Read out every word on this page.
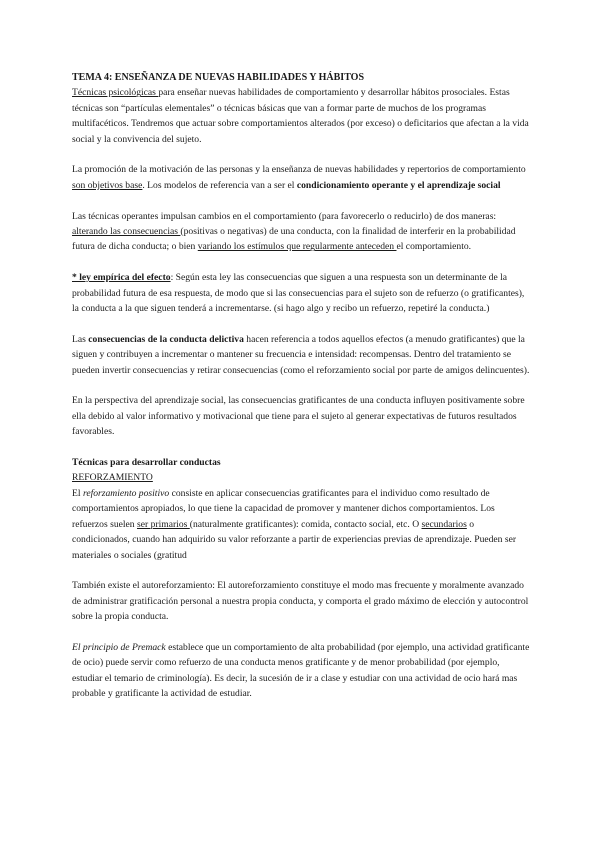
TEMA 4: ENSEÑANZA DE NUEVAS HABILIDADES Y HÁBITOS

Técnicas psicológicas para enseñar nuevas habilidades de comportamiento y desarrollar hábitos prosociales. Estas técnicas son “partículas elementales” o técnicas básicas que van a formar parte de muchos de los programas multifacéticos. Tendremos que actuar sobre comportamientos alterados (por exceso) o deficitarios que afectan a la vida social y la convivencia del sujeto.

La promoción de la motivación de las personas y la enseñanza de nuevas habilidades y repertorios de comportamiento son objetivos base. Los modelos de referencia van a ser el condicionamiento operante y el aprendizaje social

Las técnicas operantes impulsan cambios en el comportamiento (para favorecerlo o reducirlo) de dos maneras: alterando las consecuencias (positivas o negativas) de una conducta, con la finalidad de interferir en la probabilidad futura de dicha conducta; o bien variando los estímulos que regularmente anteceden el comportamiento.

* ley empírica del efecto: Según esta ley las consecuencias que siguen a una respuesta son un determinante de la probabilidad futura de esa respuesta, de modo que si las consecuencias para el sujeto son de refuerzo (o gratificantes), la conducta a la que siguen tenderá a incrementarse. (si hago algo y recibo un refuerzo, repetiré la conducta.)

Las consecuencias de la conducta delictiva hacen referencia a todos aquellos efectos (a menudo gratificantes) que la siguen y contribuyen a incrementar o mantener su frecuencia e intensidad: recompensas. Dentro del tratamiento se pueden invertir consecuencias y retirar consecuencias (como el reforzamiento social por parte de amigos delincuentes).

En la perspectiva del aprendizaje social, las consecuencias gratificantes de una conducta influyen positivamente sobre ella debido al valor informativo y motivacional que tiene para el sujeto al generar expectativas de futuros resultados favorables.

Técnicas para desarrollar conductas

REFORZAMIENTO

El reforzamiento positivo consiste en aplicar consecuencias gratificantes para el individuo como resultado de comportamientos apropiados, lo que tiene la capacidad de promover y mantener dichos comportamientos. Los refuerzos suelen ser primarios (naturalmente gratificantes): comida, contacto social, etc. O secundarios o condicionados, cuando han adquirido su valor reforzante a partir de experiencias previas de aprendizaje. Pueden ser materiales o sociales (gratitud

También existe el autoreforzamiento: El autoreforzamiento constituye el modo mas frecuente y moralmente avanzado de administrar gratificación personal a nuestra propia conducta, y comporta el grado máximo de elección y autocontrol sobre la propia conducta.

El principio de Premack establece que un comportamiento de alta probabilidad (por ejemplo, una actividad gratificante de ocio) puede servir como refuerzo de una conducta menos gratificante y de menor probabilidad (por ejemplo, estudiar el temario de criminología). Es decir, la sucesión de ir a clase y estudiar con una actividad de ocio hará mas probable y gratificante la actividad de estudiar.
